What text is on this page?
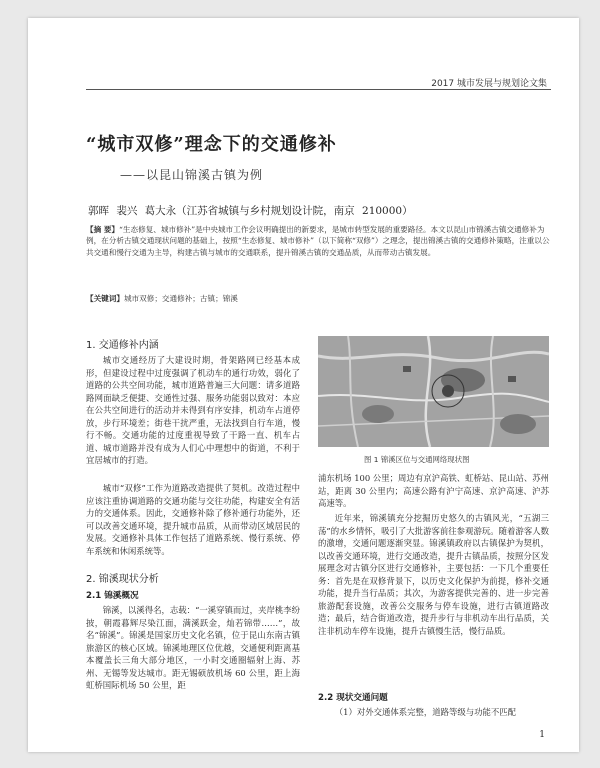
2017 城市发展与规划论文集
“城市双修”理念下的交通修补
——以昆山锦溪古镇为例
郭晖 裴兴 葛大永（江苏省城镇与乡村规划设计院，南京 210000）
【摘 要】“生态修复、城市修补”是中央城市工作会议明确提出的新要求，是城市转型发展的重要路径。本文以昆山市锦溪古镇交通修补为例，在分析古镇交通现状问题的基础上，按照“生态修复、城市修补”（以下简称“双修”）之理念，提出锦溪古镇的交通修补策略，注重以公共交通和慢行交通为主导，构建古镇与城市的交通联系，提升锦溪古镇的交通品质，从而带动古镇发展。
【关键词】城市双修；交通修补；古镇；锦溪
1. 交通修补内涵

城市交通经历了大建设时期，骨架路网已经基本成形，但建设过程中过度强调了机动车的通行功效，弱化了道路的公共空间功能，城市道路普遍三大问题：请多道路路网面缺乏便捷、交通性过强、服务功能弱以致对：本应在公共空间进行的活动并未得到有序安排，机动车占道停放，步行环境差；街巷干扰严重，无法找到自行车道，慢行不畅。交通功能的过度重视导致了干路一直、机车占道、城市道路并没有成为人们心中理想中的街道，不利于宜居城市的打造。

城市“双修”工作为道路改造提供了契机。改造过程中应该注重协调道路的交通功能与交往功能，构建安全有活力的交通体系。因此，交通修补除了修补通行功能外，还可以改善交通环境，提升城市品质，从而带动区域居民的发展。交通修补具体工作包括了道路系统、慢行系统、停车系统和休闲系统等。

2. 锦溪现状分析
2.1 锦溪概况

锦溪，以溪得名，志载：“一溪穿镇而过，夹岸桃李纷披，朝霞暮辉尽染江面，满溪跃金，灿若锦带……”，故名“锦溪”。锦溪是国家历史文化名镇，位于昆山东南古镇旅游区的核心区域。锦溪地理区位优越，交通便利距离基本覆盖长三角大部分地区，一小时交通圈辐射上海、苏州、无锡等发达城市。距无锡硕放机场 60 公里，距上海虹桥国际机场 50 公里，距

图 1 锦溪区位与交通网络现状图

浦东机场 100 公里；周边有京沪高铁、虹桥站、昆山站、苏州站，距离 30 公里内；高速公路有沪宁高速、京沪高速、沪苏高速等。

近年来，锦溪镇充分挖掘历史悠久的古镇风光，“五湖三荡”的水乡情怀，吸引了大批游客前往参观游玩。随着游客人数的激增，交通问题逐渐突显。锦溪镇政府以古镇保护为契机，以改善交通环境，进行交通改造，提升古镇品质，按照分区发展理念对古镇分区进行交通修补，主要包括：一下几个重要任务：首先是在双修背景下，以历史文化保护为前提，修补交通功能，提升当行品质；其次，为游客提供完善的、进一步完善旅游配套设施，改善公交服务与停车设施，进行古镇道路改造；最后，结合街道改造，提升步行与非机动车出行品质，关注非机动车停车设施，提升古镇慢生活，慢行品质。

2.2 现状交通问题

（1）对外交通体系完整，道路等级与功能不匹配

1
